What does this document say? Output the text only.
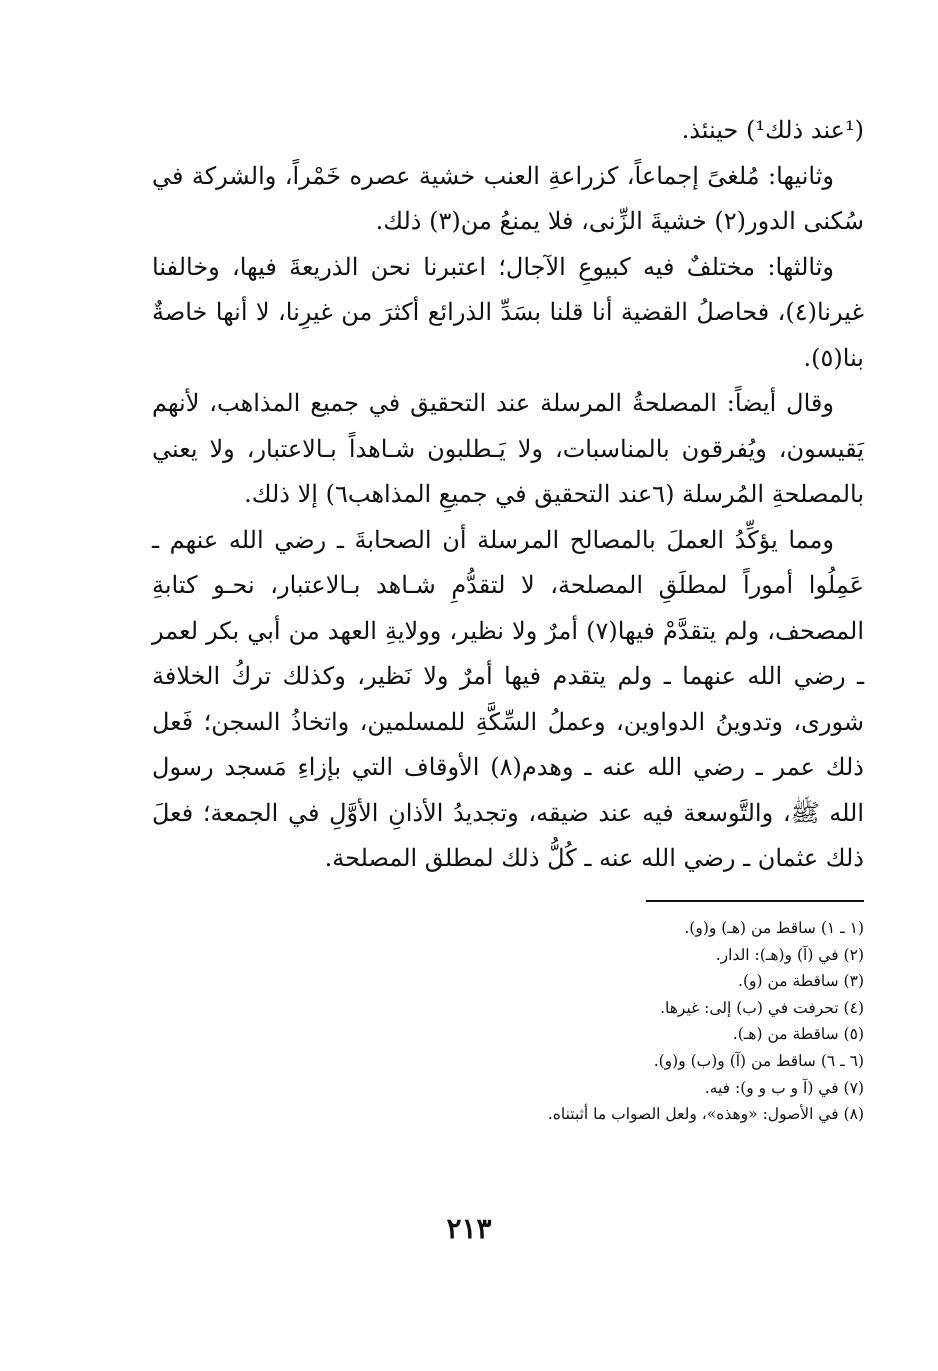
(¹عند ذلك¹) حينئذ.

وثانيها: مُلغىً إجماعاً، كزراعةِ العنب خشية عصره خَمْراً، والشركة في سُكنى الدور(٢) خشيةَ الزِّنى، فلا يمنعُ من(٣) ذلك.

وثالثها: مختلفٌ فيه كبيوعِ الآجال؛ اعتبرنا نحن الذريعةَ فيها، وخالفنا غيرنا(٤)، فحاصلُ القضية أنا قلنا بسَدِّ الذرائع أكثرَ من غيرِنا، لا أنها خاصةٌ بنا(٥).

وقال أيضاً: المصلحةُ المرسلة عند التحقيق في جميع المذاهب، لأنهم يَقيسون، ويُفرقون بالمناسبات، ولا يَـطلبون شـاهداً بـالاعتبار، ولا يعني بالمصلحةِ المُرسلة (٦عند التحقيق في جميعِ المذاهب٦) إلا ذلك.

ومما يؤكِّدُ العملَ بالمصالح المرسلة أن الصحابةَ ـ رضي الله عنهم ـ عَمِلُوا أموراً لمطلَقِ المصلحة، لا لتقدُّمِ شـاهد بـالاعتبار، نحـو كتابةِ المصحف، ولم يتقدَّمْ فيها(٧) أمرٌ ولا نظير، وولايةِ العهد من أبي بكر لعمر ـ رضي الله عنهما ـ ولم يتقدم فيها أمرٌ ولا نَظير، وكذلك تركُ الخلافة شورى، وتدوينُ الدواوين، وعملُ السِّكَّةِ للمسلمين، واتخاذُ السجن؛ فَعل ذلك عمر ـ رضي الله عنه ـ وهدم(٨) الأوقاف التي بإزاءِ مَسجد رسول الله ﷺ، والتَّوسعة فيه عند ضيقه، وتجديدُ الأذانِ الأوَّلِ في الجمعة؛ فعلَ ذلك عثمان ـ رضي الله عنه ـ كُلُّ ذلك لمطلق المصلحة.

(١ ـ ١) ساقط من (هـ) و(و).

(٢) في (آ) و(هـ): الدار.

(٣) ساقطة من (و).

(٤) تحرفت في (ب) إلى: غيرها.

(٥) ساقطة من (هـ).

(٦ ـ ٦) ساقط من (آ) و(ب) و(و).

(٧) في (آ و ب و و): فيه.

(٨) في الأصول: «وهذه»، ولعل الصواب ما أثبتناه.

٢١٣
